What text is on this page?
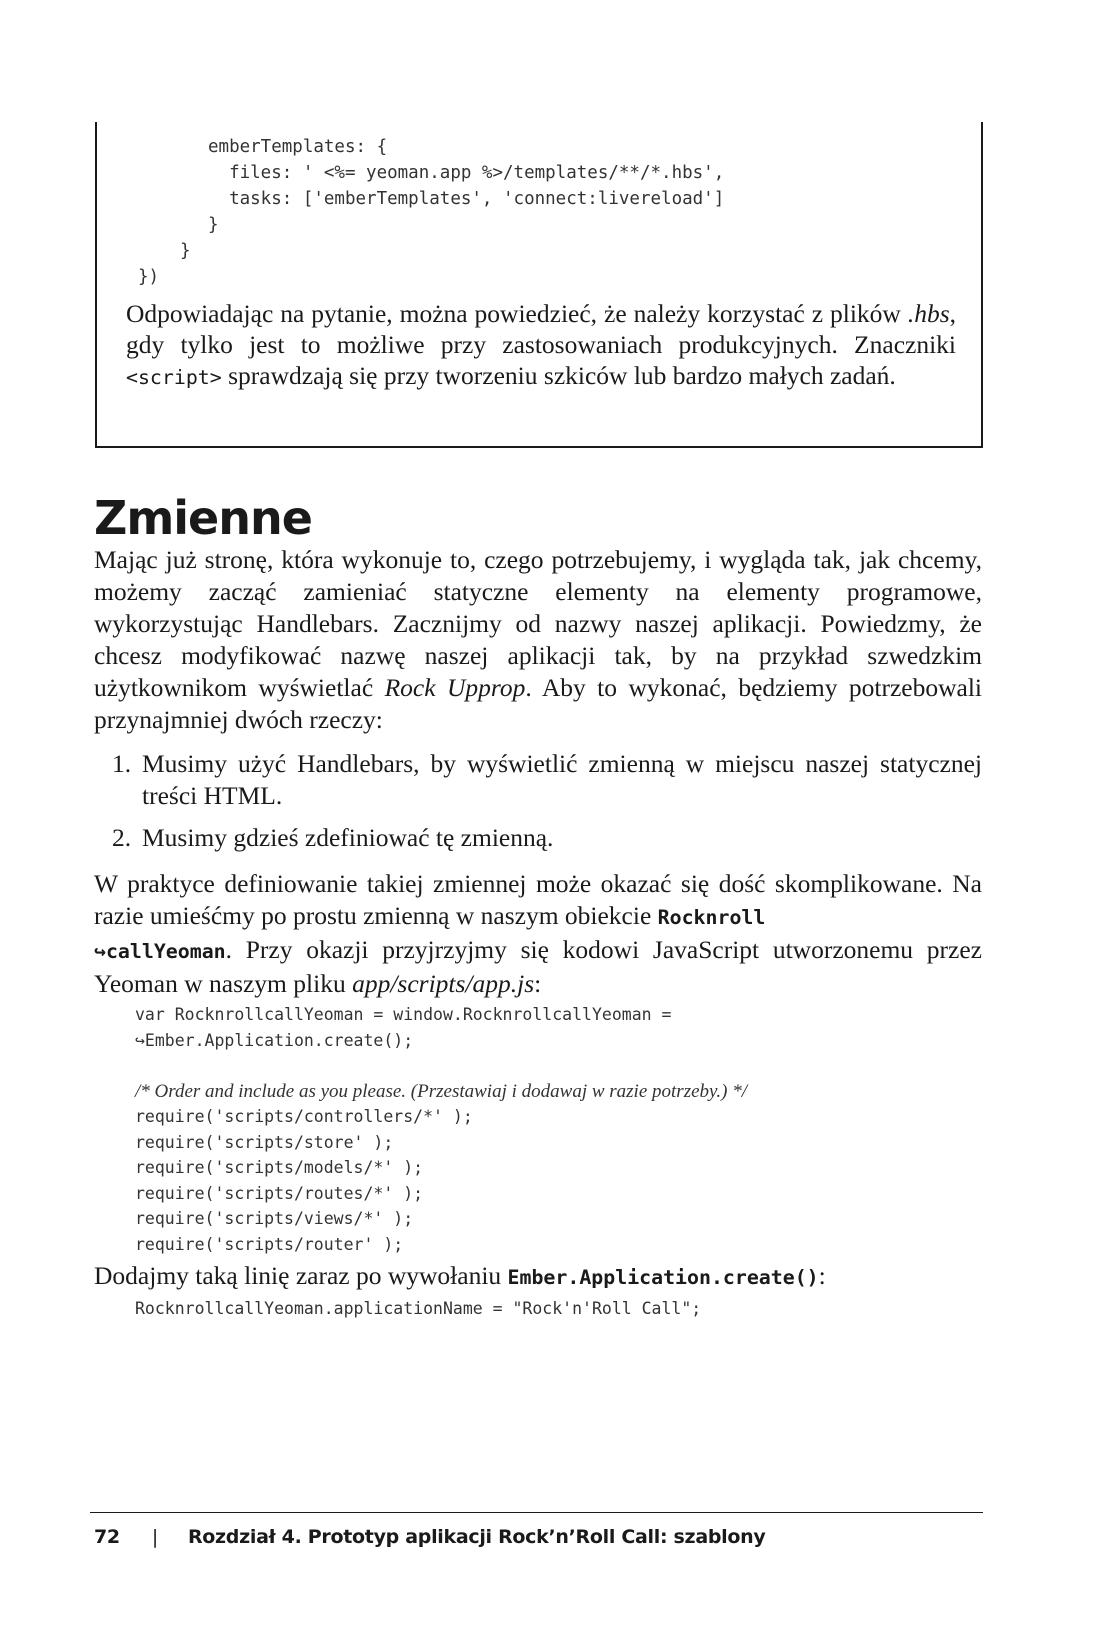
emberTemplates: {
files: ' <%= yeoman.app %>/templates/**/*.hbs',
tasks: ['emberTemplates', 'connect:livereload']
}
}
})

Odpowiadając na pytanie, można powiedzieć, że należy korzystać z plików .hbs, gdy tylko jest to możliwe przy zastosowaniach produkcyjnych. Znaczniki <script> sprawdzają się przy tworzeniu szkiców lub bardzo małych zadań.

Zmienne

Mając już stronę, która wykonuje to, czego potrzebujemy, i wygląda tak, jak chcemy, możemy zacząć zamieniać statyczne elementy na elementy programowe, wykorzystując Handlebars. Zacznijmy od nazwy naszej aplikacji. Powiedzmy, że chcesz modyfikować nazwę naszej aplikacji tak, by na przykład szwedzkim użytkownikom wyświetlać Rock Upprop. Aby to wykonać, będziemy potrzebowali przynajmniej dwóch rzeczy:

1. Musimy użyć Handlebars, by wyświetlić zmienną w miejscu naszej statycznej treści HTML.
2. Musimy gdzieś zdefiniować tę zmienną.

W praktyce definiowanie takiej zmiennej może okazać się dość skomplikowane. Na razie umieśćmy po prostu zmienną w naszym obiekcie Rocknroll
↪callYeoman. Przy okazji przyjrzyjmy się kodowi JavaScript utworzonemu przez Yeoman w naszym pliku app/scripts/app.js:

var RocknrollcallYeoman = window.RocknrollcallYeoman =
↪Ember.Application.create();

/* Order and include as you please. (Przestawiaj i dodawaj w razie potrzeby.) */
require('scripts/controllers/*' );
require('scripts/store' );
require('scripts/models/*' );
require('scripts/routes/*' );
require('scripts/views/*' );
require('scripts/router' );

Dodajmy taką linię zaraz po wywołaniu Ember.Application.create():

RocknrollcallYeoman.applicationName = "Rock'n'Roll Call";

72 | Rozdział 4. Prototyp aplikacji Rock’n’Roll Call: szablony
